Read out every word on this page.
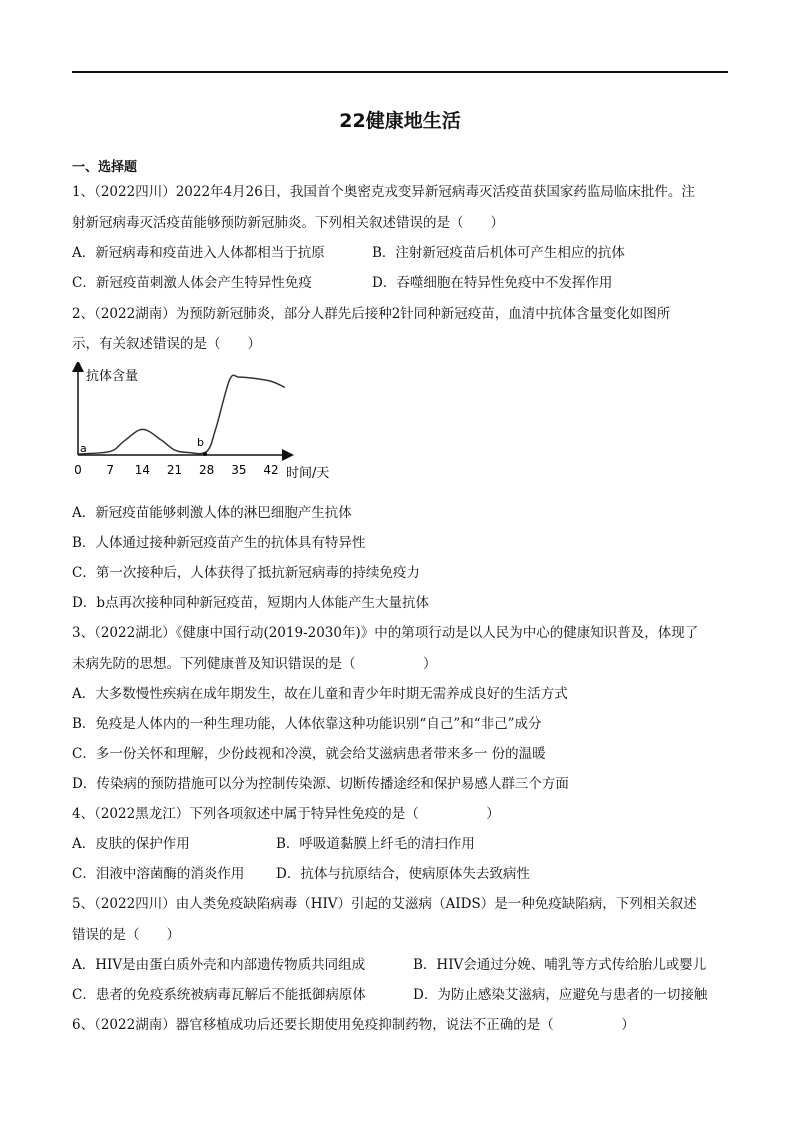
22健康地生活
一、选择题
1、（2022四川）2022年4月26日，我国首个奥密克戎变异新冠病毒灭活疫苗获国家药监局临床批件。注
射新冠病毒灭活疫苗能够预防新冠肺炎。下列相关叙述错误的是（　　）
A．新冠病毒和疫苗进入人体都相当于抗原	B．注射新冠疫苗后机体可产生相应的抗体
C．新冠疫苗刺激人体会产生特异性免疫	D．吞噬细胞在特异性免疫中不发挥作用
2、（2022湖南）为预防新冠肺炎，部分人群先后接种2针同种新冠疫苗，血清中抗体含量变化如图所
示，有关叙述错误的是（　　）
抗体含量
时间/天
0 7 14 21 28 35 42
a	b
A．新冠疫苗能够刺激人体的淋巴细胞产生抗体
B．人体通过接种新冠疫苗产生的抗体具有特异性
C．第一次接种后，人体获得了抵抗新冠病毒的持续免疫力
D．b点再次接种同种新冠疫苗，短期内人体能产生大量抗体
3、（2022湖北）《健康中国行动(2019-2030年)》中的第项行动是以人民为中心的健康知识普及，体现了
未病先防的思想。下列健康普及知识错误的是（　　　　　）
A．大多数慢性疾病在成年期发生，故在儿童和青少年时期无需养成良好的生活方式
B．免疫是人体内的一种生理功能，人体依靠这种功能识别“自己”和“非己”成分
C．多一份关怀和理解，少份歧视和冷漠，就会给艾滋病患者带来多一 份的温暖
D．传染病的预防措施可以分为控制传染源、切断传播途经和保护易感人群三个方面
4、（2022黑龙江）下列各项叙述中属于特异性免疫的是（　　　　　）
A．皮肤的保护作用	B．呼吸道黏膜上纤毛的清扫作用
C．泪液中溶菌酶的消炎作用 D．抗体与抗原结合，使病原体失去致病性
5、（2022四川）由人类免疫缺陷病毒（HIV）引起的艾滋病（AIDS）是一种免疫缺陷病，下列相关叙述
错误的是（　　）
A．HIV是由蛋白质外壳和内部遗传物质共同组成	B．HIV会通过分娩、哺乳等方式传给胎儿或婴儿
C．患者的免疫系统被病毒瓦解后不能抵御病原体	D．为防止感染艾滋病，应避免与患者的一切接触
6、（2022湖南）器官移植成功后还要长期使用免疫抑制药物，说法不正确的是（　　　　　）
